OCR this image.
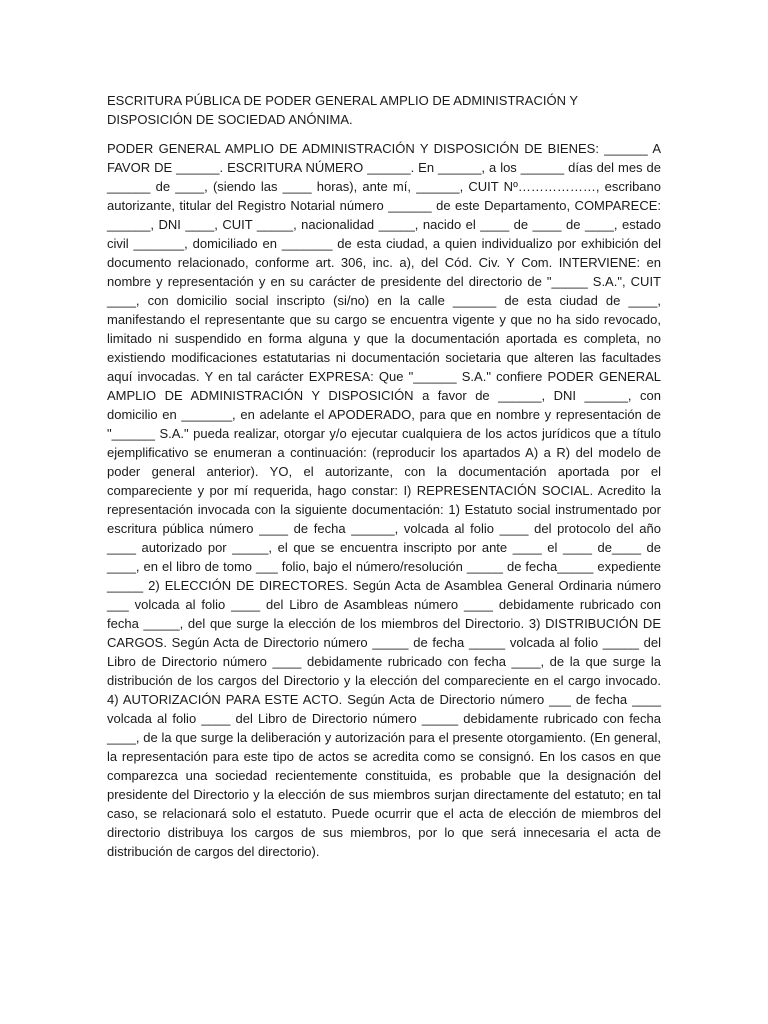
ESCRITURA PÚBLICA DE PODER GENERAL AMPLIO DE ADMINISTRACIÓN Y DISPOSICIÓN DE SOCIEDAD ANÓNIMA.

PODER GENERAL AMPLIO DE ADMINISTRACIÓN Y DISPOSICIÓN DE BIENES: ______ A FAVOR DE ______. ESCRITURA NÚMERO ______. En ______, a los ______ días del mes de ______ de ____, (siendo las ____ horas), ante mí, ______, CUIT Nº………………, escribano autorizante, titular del Registro Notarial número ______ de este Departamento, COMPARECE: ______, DNI ____, CUIT _____, nacionalidad _____, nacido el ____ de ____ de ____, estado civil _______, domiciliado en _______ de esta ciudad, a quien individualizo por exhibición del documento relacionado, conforme art. 306, inc. a), del Cód. Civ. Y Com. INTERVIENE: en nombre y representación y en su carácter de presidente del directorio de "_____ S.A.", CUIT ____, con domicilio social inscripto (si/no) en la calle ______ de esta ciudad de ____, manifestando el representante que su cargo se encuentra vigente y que no ha sido revocado, limitado ni suspendido en forma alguna y que la documentación aportada es completa, no existiendo modificaciones estatutarias ni documentación societaria que alteren las facultades aquí invocadas. Y en tal carácter EXPRESA: Que "______ S.A." confiere PODER GENERAL AMPLIO DE ADMINISTRACIÓN Y DISPOSICIÓN a favor de ______, DNI ______, con domicilio en _______, en adelante el APODERADO, para que en nombre y representación de "______ S.A." pueda realizar, otorgar y/o ejecutar cualquiera de los actos jurídicos que a título ejemplificativo se enumeran a continuación: (reproducir los apartados A) a R) del modelo de poder general anterior). YO, el autorizante, con la documentación aportada por el compareciente y por mí requerida, hago constar: I) REPRESENTACIÓN SOCIAL. Acredito la representación invocada con la siguiente documentación: 1) Estatuto social instrumentado por escritura pública número ____ de fecha ______, volcada al folio ____ del protocolo del año ____ autorizado por _____, el que se encuentra inscripto por ante ____ el ____ de____ de ____, en el libro de tomo ___ folio, bajo el número/resolución _____ de fecha_____ expediente _____ 2) ELECCIÓN DE DIRECTORES. Según Acta de Asamblea General Ordinaria número ___ volcada al folio ____ del Libro de Asambleas número ____ debidamente rubricado con fecha _____, del que surge la elección de los miembros del Directorio. 3) DISTRIBUCIÓN DE CARGOS. Según Acta de Directorio número _____ de fecha _____ volcada al folio _____ del Libro de Directorio número ____ debidamente rubricado con fecha ____, de la que surge la distribución de los cargos del Directorio y la elección del compareciente en el cargo invocado. 4) AUTORIZACIÓN PARA ESTE ACTO. Según Acta de Directorio número ___ de fecha ____ volcada al folio ____ del Libro de Directorio número _____ debidamente rubricado con fecha ____, de la que surge la deliberación y autorización para el presente otorgamiento. (En general, la representación para este tipo de actos se acredita como se consignó. En los casos en que comparezca una sociedad recientemente constituida, es probable que la designación del presidente del Directorio y la elección de sus miembros surjan directamente del estatuto; en tal caso, se relacionará solo el estatuto. Puede ocurrir que el acta de elección de miembros del directorio distribuya los cargos de sus miembros, por lo que será innecesaria el acta de distribución de cargos del directorio).
